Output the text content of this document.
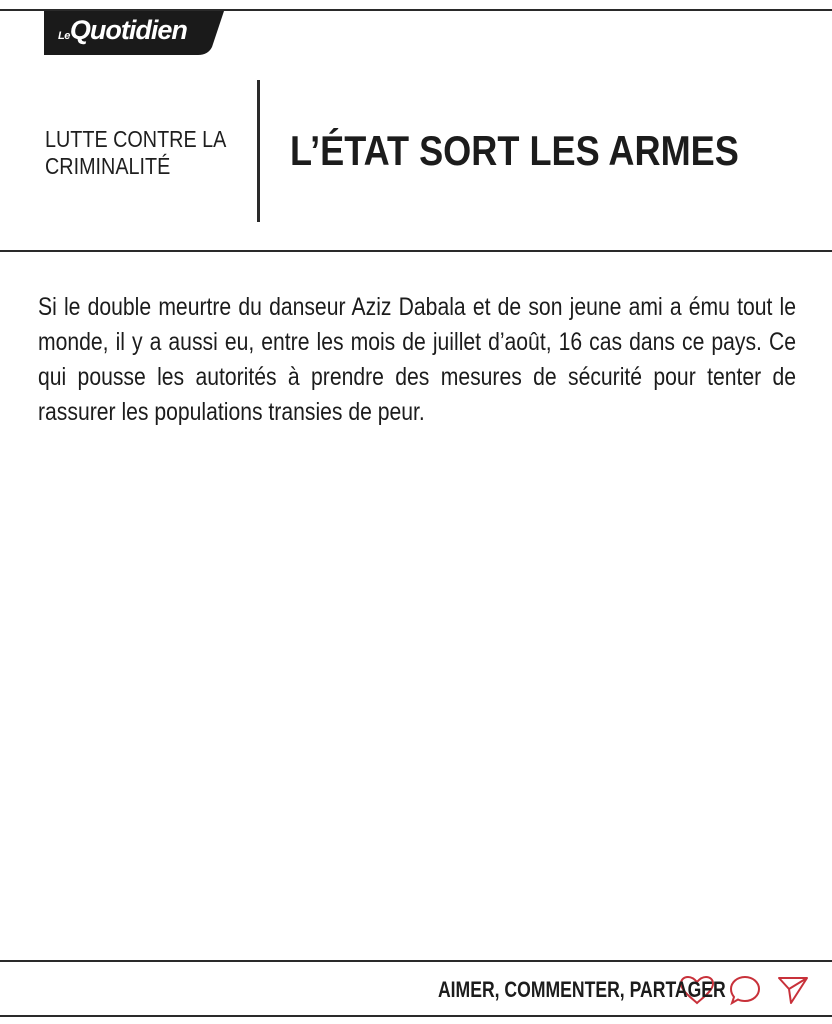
LeQuotidien
LUTTE CONTRE LA
CRIMINALITÉ	L’ÉTAT SORT LES ARMES

Si le double meurtre du danseur Aziz Dabala et de son jeune ami a ému tout le monde, il y a aussi eu, entre les mois de juillet d’août, 16 cas dans ce pays. Ce qui pousse les autorités à prendre des mesures de sécurité pour tenter de rassurer les populations transies de peur.

AIMER, COMMENTER, PARTAGER
